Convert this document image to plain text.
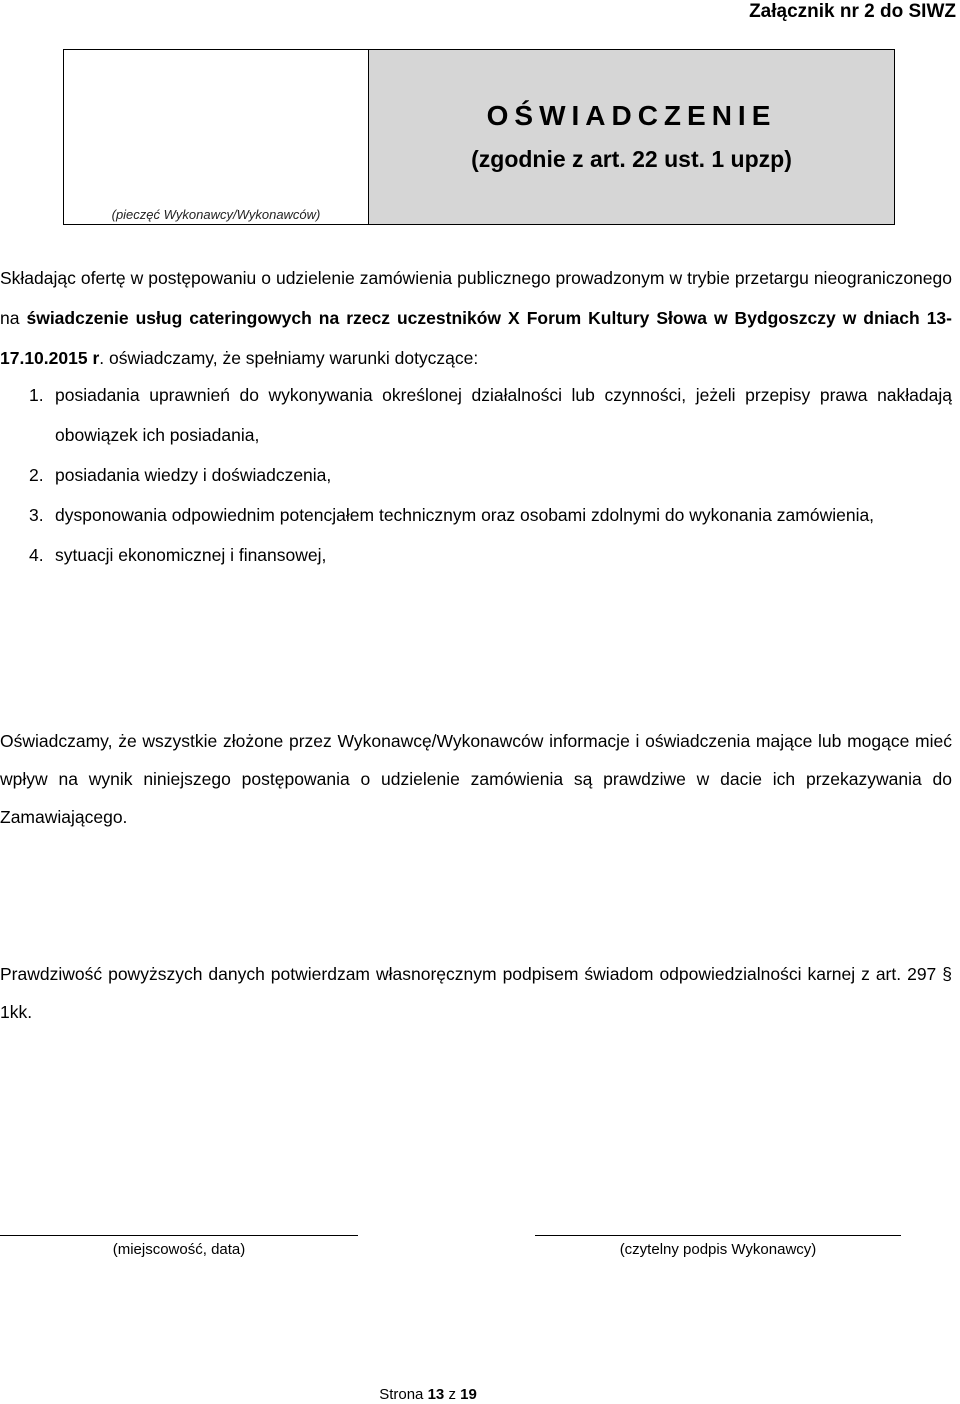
Załącznik nr 2 do SIWZ
(pieczęć Wykonawcy/Wykonawców)
OŚWIADCZENIE
(zgodnie z art. 22 ust. 1 upzp)
Składając ofertę w postępowaniu o udzielenie zamówienia publicznego prowadzonym w trybie przetargu nieograniczonego na świadczenie usług cateringowych na rzecz uczestników X Forum Kultury Słowa w Bydgoszczy w dniach 13-17.10.2015 r. oświadczamy, że spełniamy warunki dotyczące:
1. posiadania uprawnień do wykonywania określonej działalności lub czynności, jeżeli przepisy prawa nakładają obowiązek ich posiadania,
2. posiadania wiedzy i doświadczenia,
3. dysponowania odpowiednim potencjałem technicznym oraz osobami zdolnymi do wykonania zamówienia,
4. sytuacji ekonomicznej i finansowej,
Oświadczamy, że wszystkie złożone przez Wykonawcę/Wykonawców informacje i oświadczenia mające lub mogące mieć wpływ na wynik niniejszego postępowania o udzielenie zamówienia są prawdziwe w dacie ich przekazywania do Zamawiającego.
Prawdziwość powyższych danych potwierdzam własnoręcznym podpisem świadom odpowiedzialności karnej z art. 297 § 1kk.
(miejscowość, data)	(czytelny podpis Wykonawcy)
Strona 13 z 19
